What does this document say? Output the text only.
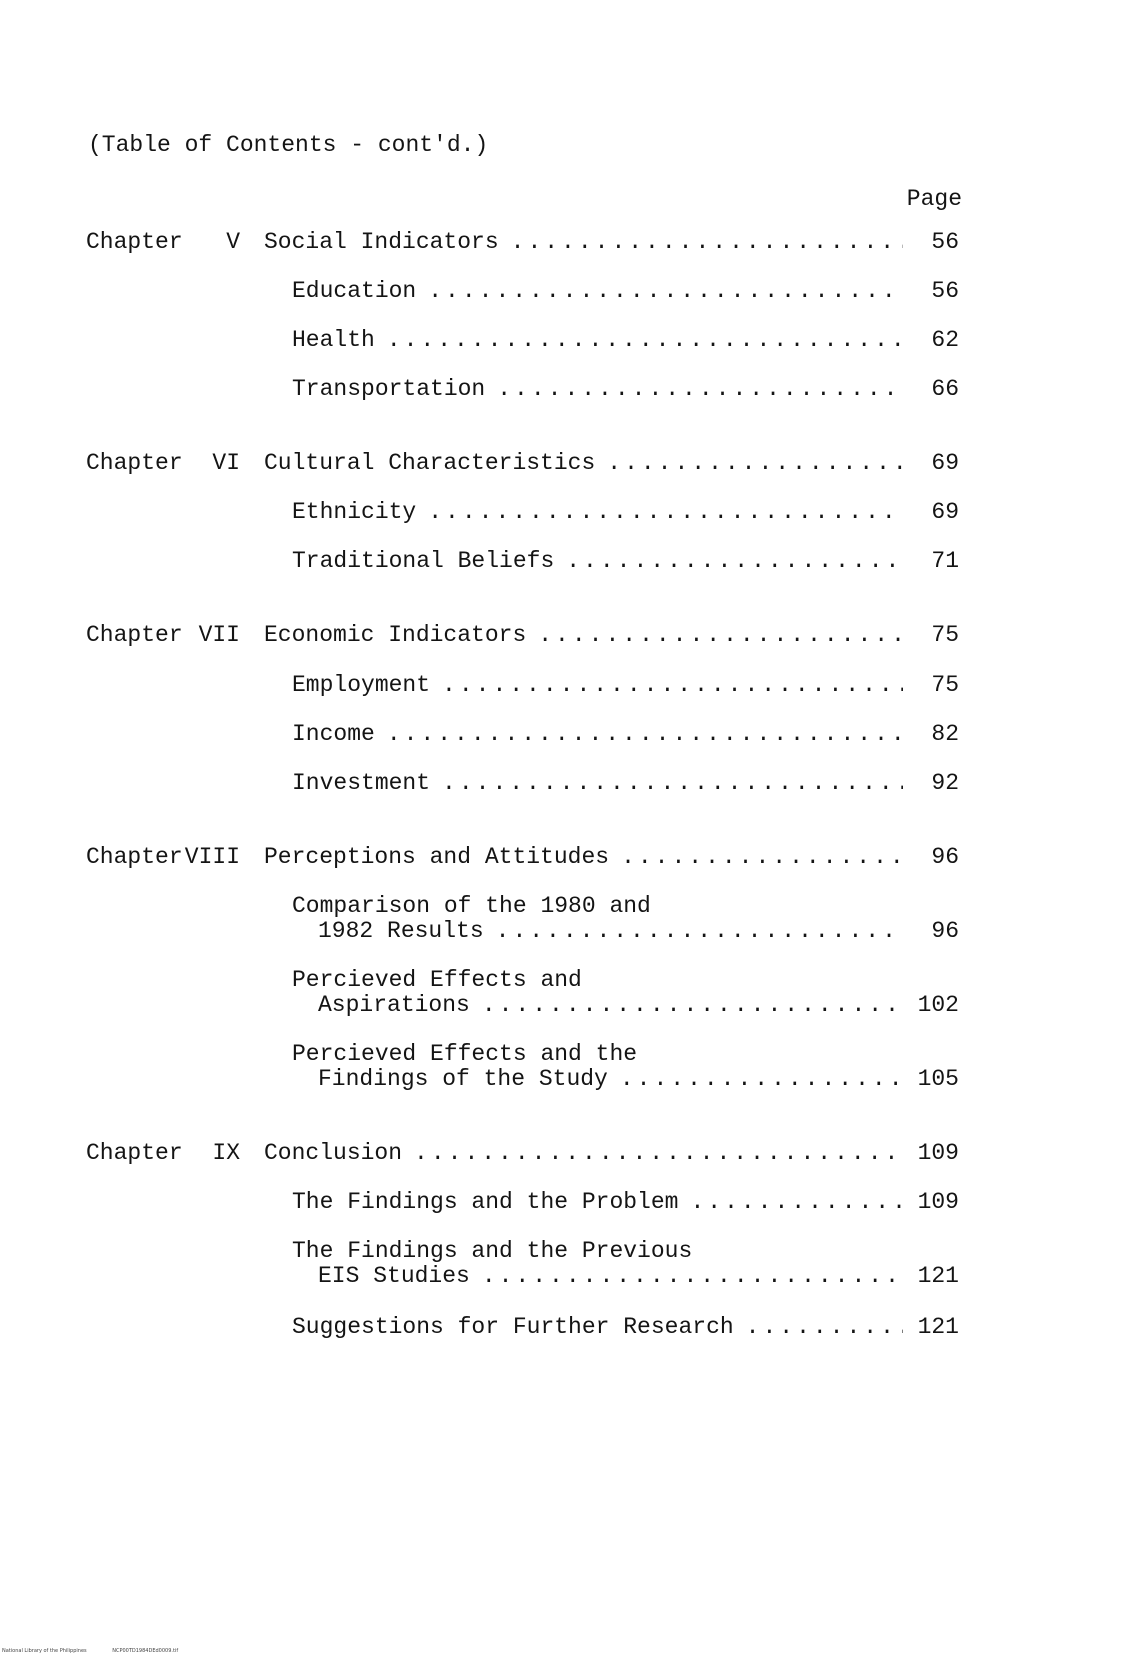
(Table of Contents - cont'd.)
Page
Chapter	V Social Indicators .....	56
Education .....	56
Health .....	62
Transportation .....	66
Chapter	VI Cultural Characteristics .....	69
Ethnicity .....	69
Traditional Beliefs .....	71
Chapter VII Economic Indicators .....	75
Employment .....	75
Income .....	82
Investment .....	92
Chapter VIII Perceptions and Attitudes .....	96
Comparison of the 1980 and
1982 Results .....	96
Percieved Effects and
Aspirations .....	102
Percieved Effects and the
Findings of the Study .....	105
Chapter	IX Conclusion .....	109
The Findings and the Problem .....	109
The Findings and the Previous
EIS Studies .....	121
Suggestions for Further Research .....	121
National Library of the Philippines	NCP00TD1984DEd0009.tif
